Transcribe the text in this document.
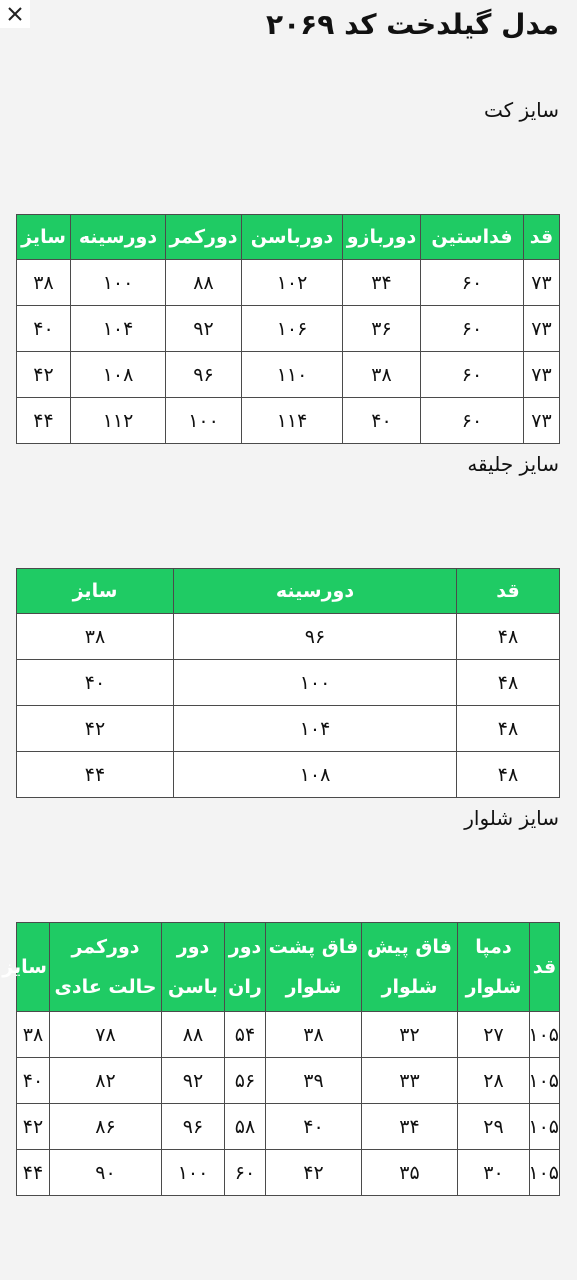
مدل گیلدخت کد ۲۰۶۹
سایز کت
قد	فداستین	دوربازو	دورباسن	دورکمر	دورسینه	سایز
۷۳	۶۰	۳۴	۱۰۲	۸۸	۱۰۰	۳۸
۷۳	۶۰	۳۶	۱۰۶	۹۲	۱۰۴	۴۰
۷۳	۶۰	۳۸	۱۱۰	۹۶	۱۰۸	۴۲
۷۳	۶۰	۴۰	۱۱۴	۱۰۰	۱۱۲	۴۴
سایز جلیقه
قد	دورسینه	سایز
۴۸	۹۶	۳۸
۴۸	۱۰۰	۴۰
۴۸	۱۰۴	۴۲
۴۸	۱۰۸	۴۴
سایز شلوار
قد	دمپا شلوار	فاق پیش شلوار	فاق پشت شلوار	دور ران	دور باسن	دورکمر حالت عادی	سایز
۱۰۵	۲۷	۳۲	۳۸	۵۴	۸۸	۷۸	۳۸
۱۰۵	۲۸	۳۳	۳۹	۵۶	۹۲	۸۲	۴۰
۱۰۵	۲۹	۳۴	۴۰	۵۸	۹۶	۸۶	۴۲
۱۰۵	۳۰	۳۵	۴۲	۶۰	۱۰۰	۹۰	۴۴
